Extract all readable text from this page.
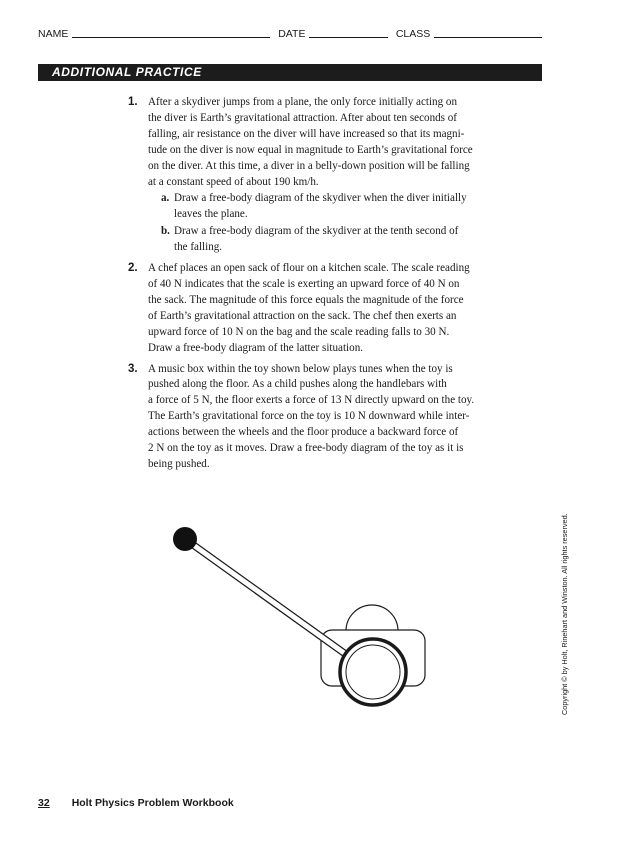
NAME	DATE	CLASS
ADDITIONAL PRACTICE
1. After a skydiver jumps from a plane, the only force initially acting on
the diver is Earth’s gravitational attraction. After about ten seconds of
falling, air resistance on the diver will have increased so that its magni-
tude on the diver is now equal in magnitude to Earth’s gravitational force
on the diver. At this time, a diver in a belly-down position will be falling
at a constant speed of about 190 km/h.
a. Draw a free-body diagram of the skydiver when the diver initially
leaves the plane.
b. Draw a free-body diagram of the skydiver at the tenth second of
the falling.
2. A chef places an open sack of flour on a kitchen scale. The scale reading
of 40 N indicates that the scale is exerting an upward force of 40 N on
the sack. The magnitude of this force equals the magnitude of the force
of Earth’s gravitational attraction on the sack. The chef then exerts an
upward force of 10 N on the bag and the scale reading falls to 30 N.
Draw a free-body diagram of the latter situation.
3. A music box within the toy shown below plays tunes when the toy is
pushed along the floor. As a child pushes along the handlebars with
a force of 5 N, the floor exerts a force of 13 N directly upward on the toy.
The Earth’s gravitational force on the toy is 10 N downward while inter-
actions between the wheels and the floor produce a backward force of
2 N on the toy as it moves. Draw a free-body diagram of the toy as it is
being pushed.
Copyright © by Holt, Rinehart and Winston. All rights reserved.
32 Holt Physics Problem Workbook
